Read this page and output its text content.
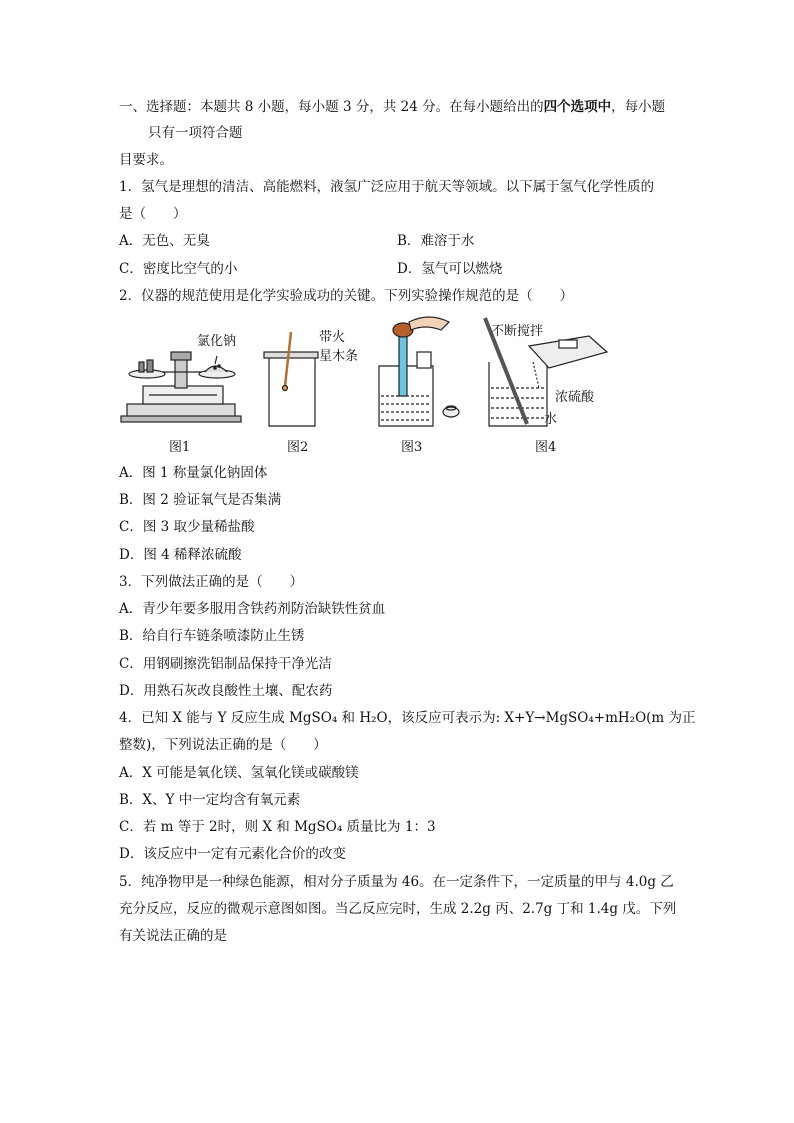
一、选择题：本题共 8 小题，每小题 3 分，共 24 分。在每小题给出的四个选项中，每小题
只有一项符合题
目要求。
1．氢气是理想的清洁、高能燃料，液氢广泛应用于航天等领域。以下属于氢气化学性质的
是（　　）
A．无色、无臭	B．难溶于水
C．密度比空气的小	D．氢气可以燃烧
2．仪器的规范使用是化学实验成功的关键。下列实验操作规范的是（　　）
氯化钠	带火
星木条
不断搅拌
浓硫酸
水
图1	图2	图3	图4
A．图 1 称量氯化钠固体
B．图 2 验证氧气是否集满
C．图 3 取少量稀盐酸
D．图 4 稀释浓硫酸
3．下列做法正确的是（　　）
A．青少年要多服用含铁药剂防治缺铁性贫血
B．给自行车链条喷漆防止生锈
C．用钢刷擦洗铝制品保持干净光洁
D．用熟石灰改良酸性土壤、配农药
4．已知 X 能与 Y 反应生成 MgSO₄ 和 H₂O，该反应可表示为: X+Y→MgSO₄+mH₂O(m 为正
整数)，下列说法正确的是（　　）
A．X 可能是氧化镁、氢氧化镁或碳酸镁
B．X、Y 中一定均含有氧元素
C．若 m 等于 2时，则 X 和 MgSO₄ 质量比为 1：3
D．该反应中一定有元素化合价的改变
5．纯净物甲是一种绿色能源，相对分子质量为 46。在一定条件下，一定质量的甲与 4.0g 乙
充分反应，反应的微观示意图如图。当乙反应完时，生成 2.2g 丙、2.7g 丁和 1.4g 戊。下列
有关说法正确的是
